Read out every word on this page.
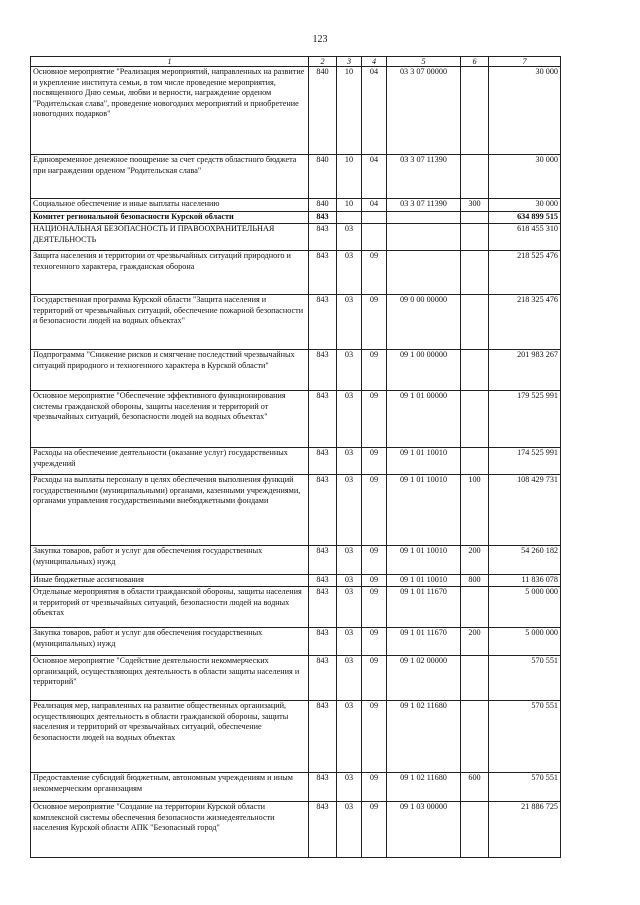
123
1	2	3	4	5	6	7
Основное мероприятие "Реализация мероприятий, направленных на развитие и укрепление института семьи, в том числе проведение мероприятия, посвященного Дню семьи, любви и верности, награждение орденом "Родительская слава", проведение новогодних мероприятий и приобретение новогодних подарков"	840	10	04	03 3 07 00000		30 000
Единовременное денежное поощрение за счет средств областного бюджета при награждении орденом "Родительская слава"	840	10	04	03 3 07 11390		30 000
Социальное обеспечение и иные выплаты населению	840	10	04	03 3 07 11390	300	30 000
Комитет региональной безопасности Курской области	843					634 899 515
НАЦИОНАЛЬНАЯ БЕЗОПАСНОСТЬ И ПРАВООХРАНИТЕЛЬНАЯ ДЕЯТЕЛЬНОСТЬ	843	03				618 455 310
Защита населения и территории от чрезвычайных ситуаций природного и техногенного характера, гражданская оборона	843	03	09			218 525 476
Государственная программа Курской области "Защита населения и территорий от чрезвычайных ситуаций, обеспечение пожарной безопасности и безопасности людей на водных объектах"	843	03	09	09 0 00 00000		218 325 476
Подпрограмма "Снижение рисков и смягчение последствий чрезвычайных ситуаций природного и техногенного характера в Курской области"	843	03	09	09 1 00 00000		201 983 267
Основное мероприятие "Обеспечение эффективного функционирования системы гражданской обороны, защиты населения и территорий от чрезвычайных ситуаций, безопасности людей на водных объектах"	843	03	09	09 1 01 00000		179 525 991
Расходы на обеспечение деятельности (оказание услуг) государственных учреждений	843	03	09	09 1 01 10010		174 525 991
Расходы на выплаты персоналу в целях обеспечения выполнения функций государственными (муниципальными) органами, казенными учреждениями, органами управления государственными внебюджетными фондами	843	03	09	09 1 01 10010	100	108 429 731
Закупка товаров, работ и услуг для обеспечения государственных (муниципальных) нужд	843	03	09	09 1 01 10010	200	54 260 182
Иные бюджетные ассигнования	843	03	09	09 1 01 10010	800	11 836 078
Отдельные мероприятия в области гражданской обороны, защиты населения и территорий от чрезвычайных ситуаций, безопасности людей на водных объектах	843	03	09	09 1 01 11670		5 000 000
Закупка товаров, работ и услуг для обеспечения государственных (муниципальных) нужд	843	03	09	09 1 01 11670	200	5 000 000
Основное мероприятие "Содействие деятельности некоммерческих организаций, осуществляющих деятельность в области защиты населения и территорий"	843	03	09	09 1 02 00000		570 551
Реализация мер, направленных на развитие общественных организаций, осуществляющих деятельность в области гражданской обороны, защиты населения и территорий от чрезвычайных ситуаций, обеспечение безопасности людей на водных объектах	843	03	09	09 1 02 11680		570 551
Предоставление субсидий бюджетным, автономным учреждениям и иным некоммерческим организациям	843	03	09	09 1 02 11680	600	570 551
Основное мероприятие "Создание на территории Курской области комплексной системы обеспечения безопасности жизнедеятельности населения Курской области АПК "Безопасный город"	843	03	09	09 1 03 00000		21 886 725
